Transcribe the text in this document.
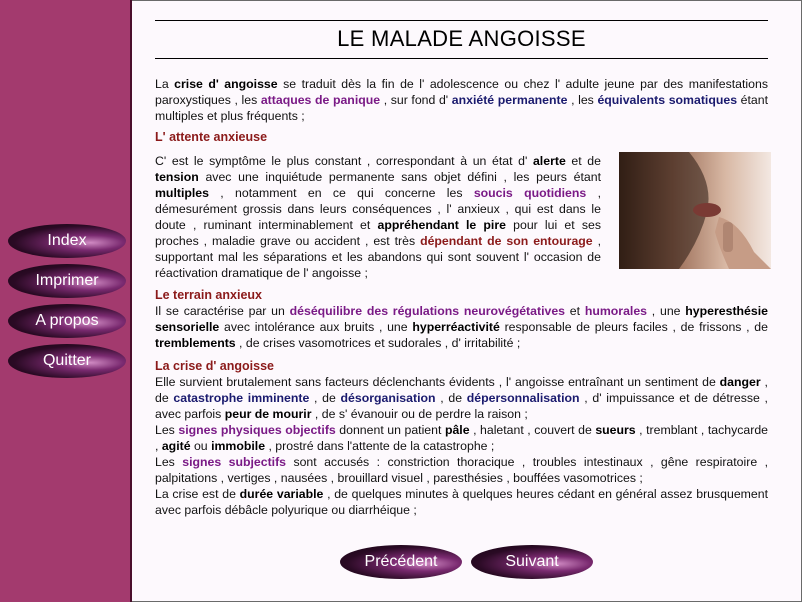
Index
Imprimer
A propos
Quitter
LE MALADE ANGOISSE
La crise d' angoisse se traduit dès la fin de l' adolescence ou chez l' adulte jeune par des manifestations paroxystiques , les attaques de panique , sur fond d' anxiété permanente , les équivalents somatiques étant multiples et plus fréquents ;
L' attente anxieuse
C' est le symptôme le plus constant , correspondant à un état d' alerte et de tension avec une inquiétude permanente sans objet défini , les peurs étant multiples , notamment en ce qui concerne les soucis quotidiens , démesurément grossis dans leurs conséquences , l' anxieux , qui est dans le doute , ruminant interminablement et appréhendant le pire pour lui et ses proches , maladie grave ou accident , est très dépendant de son entourage , supportant mal les séparations et les abandons qui sont souvent l' occasion de réactivation dramatique de l' angoisse ;
Le terrain anxieux
Il se caractérise par un déséquilibre des régulations neurovégétatives et humorales , une hyperesthésie sensorielle avec intolérance aux bruits , une hyperréactivité responsable de pleurs faciles , de frissons , de tremblements , de crises vasomotrices et sudorales , d' irritabilité ;
La crise d' angoisse

Elle survient brutalement sans facteurs déclenchants évidents , l' angoisse entraînant un sentiment de danger , de catastrophe imminente , de désorganisation , de dépersonnalisation , d' impuissance et de détresse , avec parfois peur de mourir , de s' évanouir ou de perdre la raison ;

Les signes physiques objectifs donnent un patient pâle , haletant , couvert de sueurs , tremblant , tachycarde , agité ou immobile , prostré dans l'attente de la catastrophe ;

Les signes subjectifs sont accusés : constriction thoracique , troubles intestinaux , gêne respiratoire , palpitations , vertiges , nausées , brouillard visuel , paresthésies , bouffées vasomotrices ;

La crise est de durée variable , de quelques minutes à quelques heures cédant en général assez brusquement avec parfois débâcle polyurique ou diarrhéique ;

Précédent	Suivant
